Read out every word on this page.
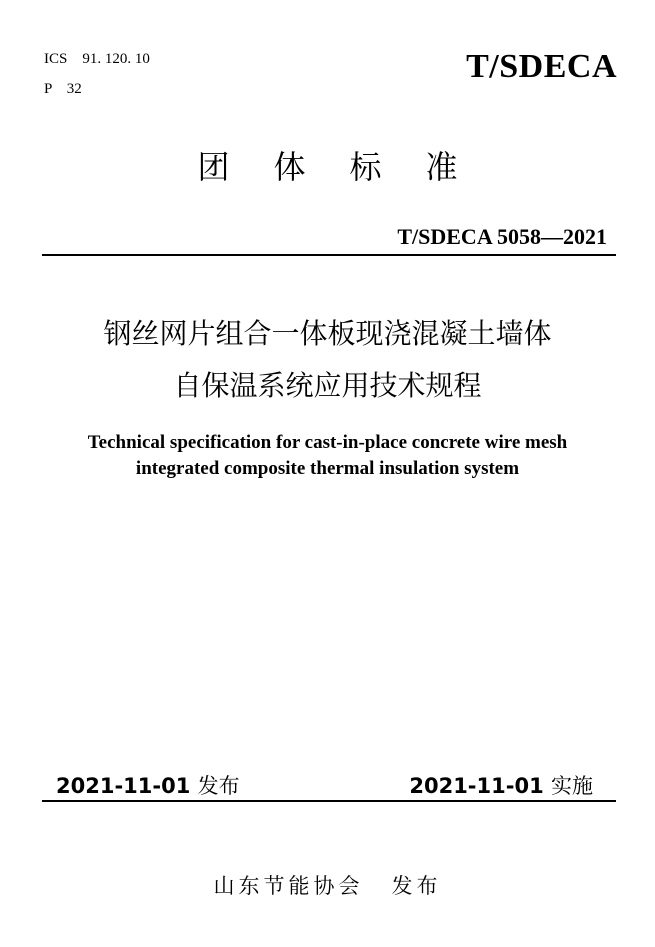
ICS　91. 120. 10
P　32
T/SDECA
团体标准
T/SDECA 5058—2021
钢丝网片组合一体板现浇混凝土墙体
自保温系统应用技术规程
Technical specification for cast-in-place concrete wire mesh
integrated composite thermal insulation system
2021-11-01 发布	2021-11-01 实施
山东节能协会 发布
